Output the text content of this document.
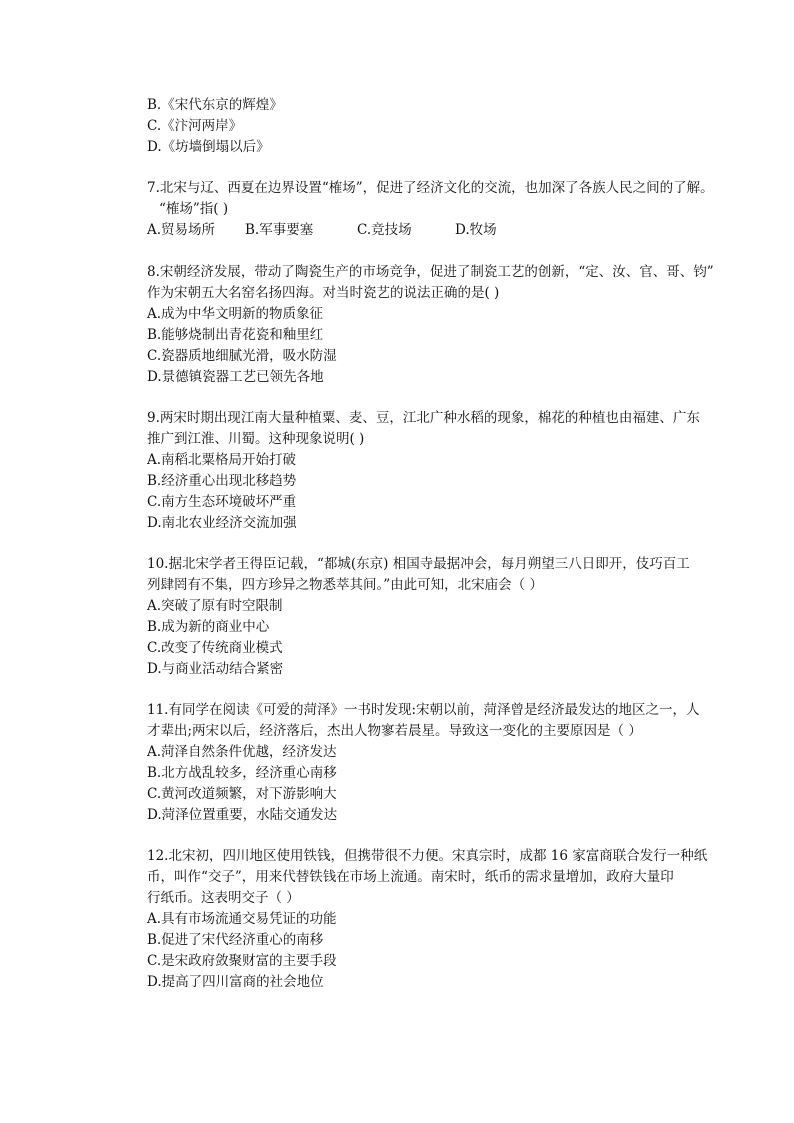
B.《宋代东京的辉煌》
C.《汴河两岸》
D.《坊墙倒塌以后》
7.北宋与辽、西夏在边界设置“榷场”，促进了经济文化的交流，也加深了各族人民之间的了解。
“榷场”指( )
A.贸易场所 B.军事要塞	C.竞技场	D.牧场
8.宋朝经济发展，带动了陶瓷生产的市场竞争，促进了制瓷工艺的创新，“定、汝、官、哥、钧”
作为宋朝五大名窑名扬四海。对当时瓷艺的说法正确的是( )
A.成为中华文明新的物质象征
B.能够烧制出青花瓷和釉里红
C.瓷器质地细腻光滑，吸水防湿
D.景德镇瓷器工艺已领先各地
9.两宋时期出现江南大量种植粟、麦、豆，江北广种水稻的现象，棉花的种植也由福建、广东
推广到江淮、川蜀。这种现象说明( )
A.南稻北粟格局开始打破
B.经济重心出现北移趋势
C.南方生态环境破坏严重
D.南北农业经济交流加强
10.据北宋学者王得臣记载，“都城(东京) 相国寺最据冲会，每月朔望三八日即开，伎巧百工
列肆罔有不集，四方珍异之物悉萃其间。”由此可知，北宋庙会（ ）
A.突破了原有时空限制
B.成为新的商业中心
C.改变了传统商业模式
D.与商业活动结合紧密
11.有同学在阅读《可爱的菏泽》一书时发现:宋朝以前，菏泽曾是经济最发达的地区之一，人
才辈出;两宋以后，经济落后，杰出人物寥若晨星。导致这一变化的主要原因是（ ）
A.菏泽自然条件优越，经济发达
B.北方战乱较多，经济重心南移
C.黄河改道频繁，对下游影响大
D.菏泽位置重要，水陆交通发达
12.北宋初，四川地区使用铁钱，但携带很不力便。宋真宗时，成都 16 家富商联合发行一种纸
币，叫作“交子”，用来代替铁钱在市场上流通。南宋时，纸币的需求量增加，政府大量印
行纸币。这表明交子（ ）
A.具有市场流通交易凭证的功能
B.促进了宋代经济重心的南移
C.是宋政府敛聚财富的主要手段
D.提高了四川富商的社会地位
